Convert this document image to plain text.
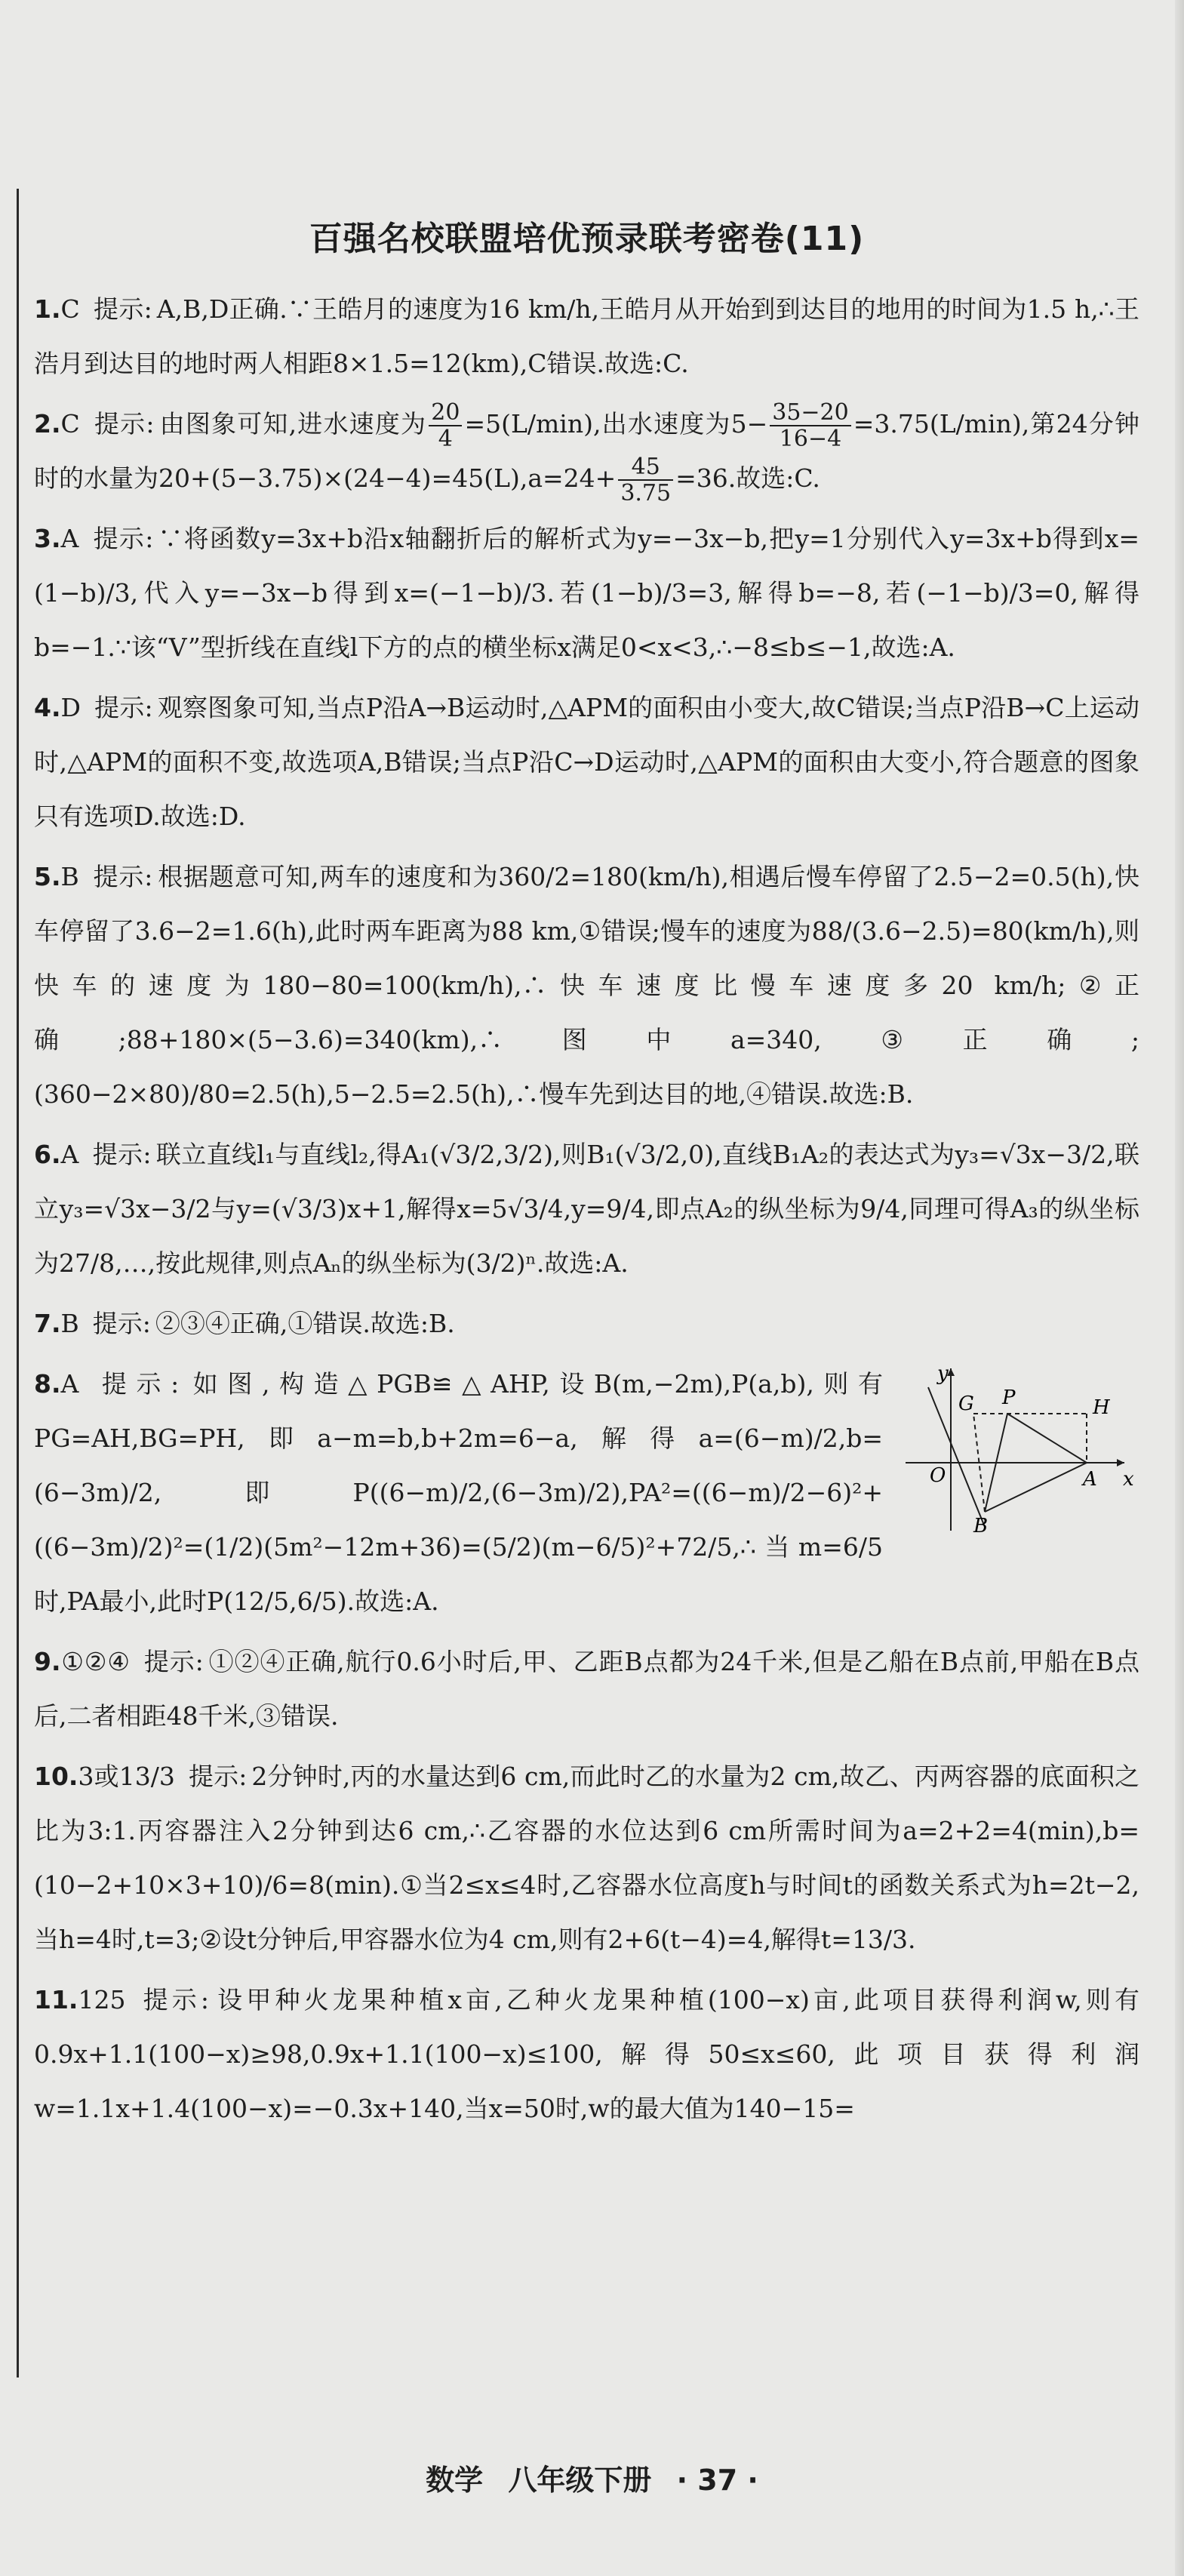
百强名校联盟培优预录联考密卷(11)

1.C 提示: A,B,D正确.∵王皓月的速度为16 km/h,王皓月从开始到到达目的地用的时间为1.5 h,∴王浩月到达目的地时两人相距8×1.5=12(km),C错误.故选:C.

2.C 提示: 由图象可知,进水速度为 $\frac{20}{4} =5(L/\min)$,出水速度为$5- \frac{35-20}{16-4} =3.75(L/\min)$,第24分钟时的水量为$20+(5-3.75)\times(24-4)=45(L),a=24+ \frac{45}{3.75} =36$.故选:C.

3.A 提示: ∵将函数y=3x+b沿x轴翻折后的解析式为y=−3x−b,把y=1分别代入y=3x+b得到x=(1−b)/3,代入y=−3x−b得到x=(−1−b)/3.若(1−b)/3=3,解得b=−8,若(−1−b)/3=0,解得b=−1.∵该“V”型折线在直线l下方的点的横坐标x满足0<x<3,∴−8≤b≤−1,故选:A.

4.D 提示: 观察图象可知,当点P沿A→B运动时,△APM的面积由小变大,故C错误;当点P沿B→C上运动时,△APM的面积不变,故选项A,B错误;当点P沿C→D运动时,△APM的面积由大变小,符合题意的图象只有选项D.故选:D.

5.B 提示: 根据题意可知,两车的速度和为360/2=180(km/h),相遇后慢车停留了2.5−2=0.5(h),快车停留了3.6−2=1.6(h),此时两车距离为88 km,①错误;慢车的速度为88/(3.6−2.5)=80(km/h),则快车的速度为180−80=100(km/h),∴快车速度比慢车速度多20 km/h;②正确;88+180×(5−3.6)=340(km),∴图中a=340,③正确;(360−2×80)/80=2.5(h),5−2.5=2.5(h),∴慢车先到达目的地,④错误.故选:B.

6.A 提示: 联立直线l₁与直线l₂,得A₁(√3/2,3/2),则B₁(√3/2,0),直线B₁A₂的表达式为y₃=√3x−3/2,联立y₃=√3x−3/2与y=(√3/3)x+1,解得x=5√3/4,y=9/4,即点A₂的纵坐标为9/4,同理可得A₃的纵坐标为27/8,…,按此规律,则点Aₙ的纵坐标为(3/2)ⁿ.故选:A.

7.B 提示: ②③④正确,①错误.故选:B.

y
G P	H
O	A x
B

8.A 提示: 如图,构造△PGB≌△AHP,设B(m,−2m),P(a,b),则有PG=AH,BG=PH,即a−m=b,b+2m=6−a,解得a=(6−m)/2,b=(6−3m)/2,即P((6−m)/2,(6−3m)/2),PA²=((6−m)/2−6)²+((6−3m)/2)²=(1/2)(5m²−12m+36)=(5/2)(m−6/5)²+72/5,∴当m=6/5时,PA最小,此时P(12/5,6/5).故选:A.

9.①②④ 提示: ①②④正确,航行0.6小时后,甲、乙距B点都为24千米,但是乙船在B点前,甲船在B点后,二者相距48千米,③错误.

10.3或13/3 提示: 2分钟时,丙的水量达到6 cm,而此时乙的水量为2 cm,故乙、丙两容器的底面积之比为3:1.丙容器注入2分钟到达6 cm,∴乙容器的水位达到6 cm所需时间为a=2+2=4(min),b=(10−2+10×3+10)/6=8(min).①当2≤x≤4时,乙容器水位高度h与时间t的函数关系式为h=2t−2,当h=4时,t=3;②设t分钟后,甲容器水位为4 cm,则有2+6(t−4)=4,解得t=13/3.

11.125 提示: 设甲种火龙果种植x亩,乙种火龙果种植(100−x)亩,此项目获得利润w,则有0.9x+1.1(100−x)≥98,0.9x+1.1(100−x)≤100,解得50≤x≤60,此项目获得利润w=1.1x+1.4(100−x)=−0.3x+140,当x=50时,w的最大值为140−15=

数学 八年级下册 · 37 ·
